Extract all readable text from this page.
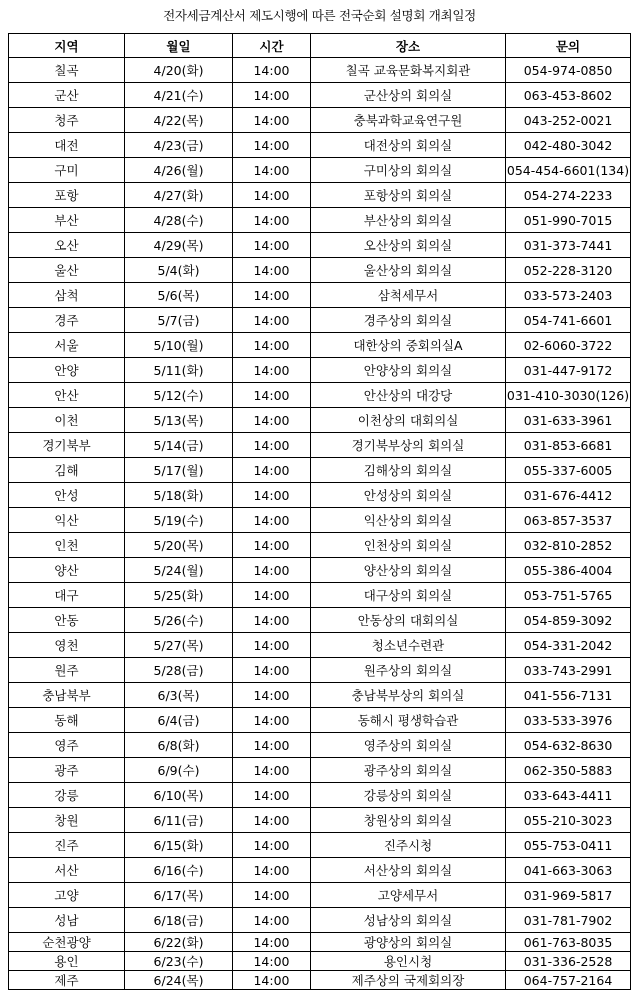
전자세금계산서 제도시행에 따른 전국순회 설명회 개최일정
지역	월일	시간	장소	문의
칠곡	4/20(화)	14:00	칠곡 교육문화복지회관	054-974-0850
군산	4/21(수)	14:00	군산상의 회의실	063-453-8602
청주	4/22(목)	14:00	충북과학교육연구원	043-252-0021
대전	4/23(금)	14:00	대전상의 회의실	042-480-3042
구미	4/26(월)	14:00	구미상의 회의실	054-454-6601(134)
포항	4/27(화)	14:00	포항상의 회의실	054-274-2233
부산	4/28(수)	14:00	부산상의 회의실	051-990-7015
오산	4/29(목)	14:00	오산상의 회의실	031-373-7441
울산	5/4(화)	14:00	울산상의 회의실	052-228-3120
삼척	5/6(목)	14:00	삼척세무서	033-573-2403
경주	5/7(금)	14:00	경주상의 회의실	054-741-6601
서울	5/10(월)	14:00	대한상의 중회의실A	02-6060-3722
안양	5/11(화)	14:00	안양상의 회의실	031-447-9172
안산	5/12(수)	14:00	안산상의 대강당	031-410-3030(126)
이천	5/13(목)	14:00	이천상의 대회의실	031-633-3961
경기북부	5/14(금)	14:00	경기북부상의 회의실	031-853-6681
김해	5/17(월)	14:00	김해상의 회의실	055-337-6005
안성	5/18(화)	14:00	안성상의 회의실	031-676-4412
익산	5/19(수)	14:00	익산상의 회의실	063-857-3537
인천	5/20(목)	14:00	인천상의 회의실	032-810-2852
양산	5/24(월)	14:00	양산상의 회의실	055-386-4004
대구	5/25(화)	14:00	대구상의 회의실	053-751-5765
안동	5/26(수)	14:00	안동상의 대회의실	054-859-3092
영천	5/27(목)	14:00	청소년수련관	054-331-2042
원주	5/28(금)	14:00	원주상의 회의실	033-743-2991
충남북부	6/3(목)	14:00	충남북부상의 회의실	041-556-7131
동해	6/4(금)	14:00	동해시 평생학습관	033-533-3976
영주	6/8(화)	14:00	영주상의 회의실	054-632-8630
광주	6/9(수)	14:00	광주상의 회의실	062-350-5883
강릉	6/10(목)	14:00	강릉상의 회의실	033-643-4411
창원	6/11(금)	14:00	창원상의 회의실	055-210-3023
진주	6/15(화)	14:00	진주시청	055-753-0411
서산	6/16(수)	14:00	서산상의 회의실	041-663-3063
고양	6/17(목)	14:00	고양세무서	031-969-5817
성남	6/18(금)	14:00	성남상의 회의실	031-781-7902
순천광양	6/22(화)	14:00	광양상의 회의실	061-763-8035
용인	6/23(수)	14:00	용인시청	031-336-2528
제주	6/24(목)	14:00	제주상의 국제회의장	064-757-2164
